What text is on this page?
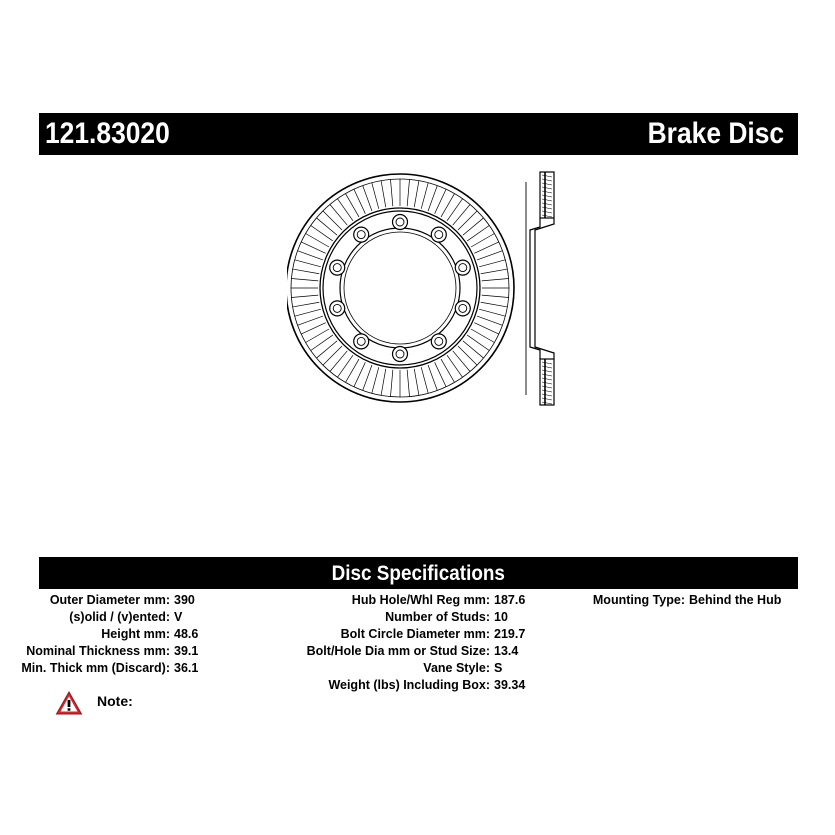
121.83020	Brake Disc
Disc Specifications
Outer Diameter mm: 390
(s)olid / (v)ented: V
Height mm: 48.6
Nominal Thickness mm: 39.1
Min. Thick mm (Discard): 36.1
Hub Hole/Whl Reg mm: 187.6
Number of Studs: 10
Bolt Circle Diameter mm: 219.7
Bolt/Hole Dia mm or Stud Size: 13.4
Vane Style: S
Weight (lbs) Including Box: 39.34
Mounting Type: Behind the Hub
Note:
